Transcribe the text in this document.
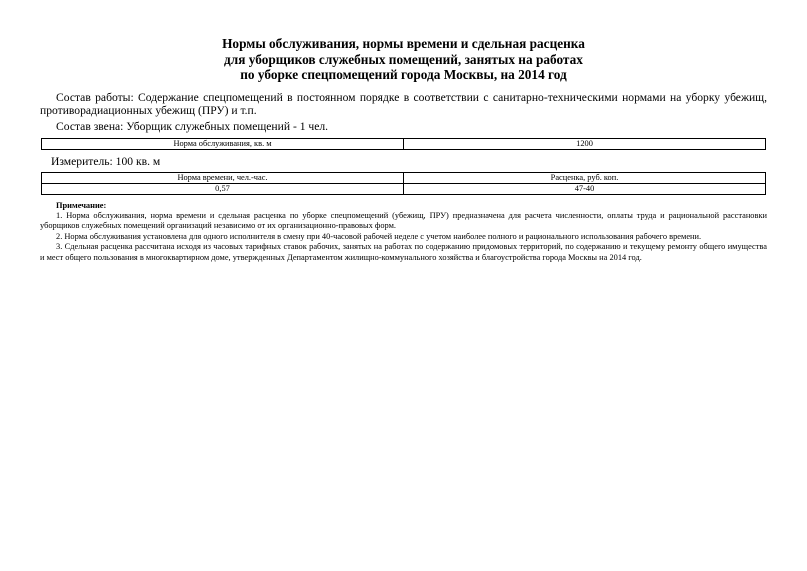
Нормы обслуживания, нормы времени и сдельная расценка
для уборщиков служебных помещений, занятых на работах
по уборке спецпомещений города Москвы, на 2014 год
Состав работы: Содержание спецпомещений в постоянном порядке в соответствии с санитарно-техническими нормами на уборку убежищ, противорадиационных убежищ (ПРУ) и т.п.
Состав звена: Уборщик служебных помещений - 1 чел.
Норма обслуживания, кв. м	1200
Измеритель: 100 кв. м
Норма времени, чел.-час.	Расценка, руб. коп.
0,57	47-40
Примечание:
1. Норма обслуживания, норма времени и сдельная расценка по уборке спецпомещений (убежищ, ПРУ) предназначена для расчета численности, оплаты труда и рациональной расстановки уборщиков служебных помещений организаций независимо от их организационно-правовых форм.
2. Норма обслуживания установлена для одного исполнителя в смену при 40-часовой рабочей неделе с учетом наиболее полного и рационального использования рабочего времени.
3. Сдельная расценка рассчитана исходя из часовых тарифных ставок рабочих, занятых на работах по содержанию придомовых территорий, по содержанию и текущему ремонту общего имущества и мест общего пользования в многоквартирном доме, утвержденных Департаментом жилищно-коммунального хозяйства и благоустройства города Москвы на 2014 год.
